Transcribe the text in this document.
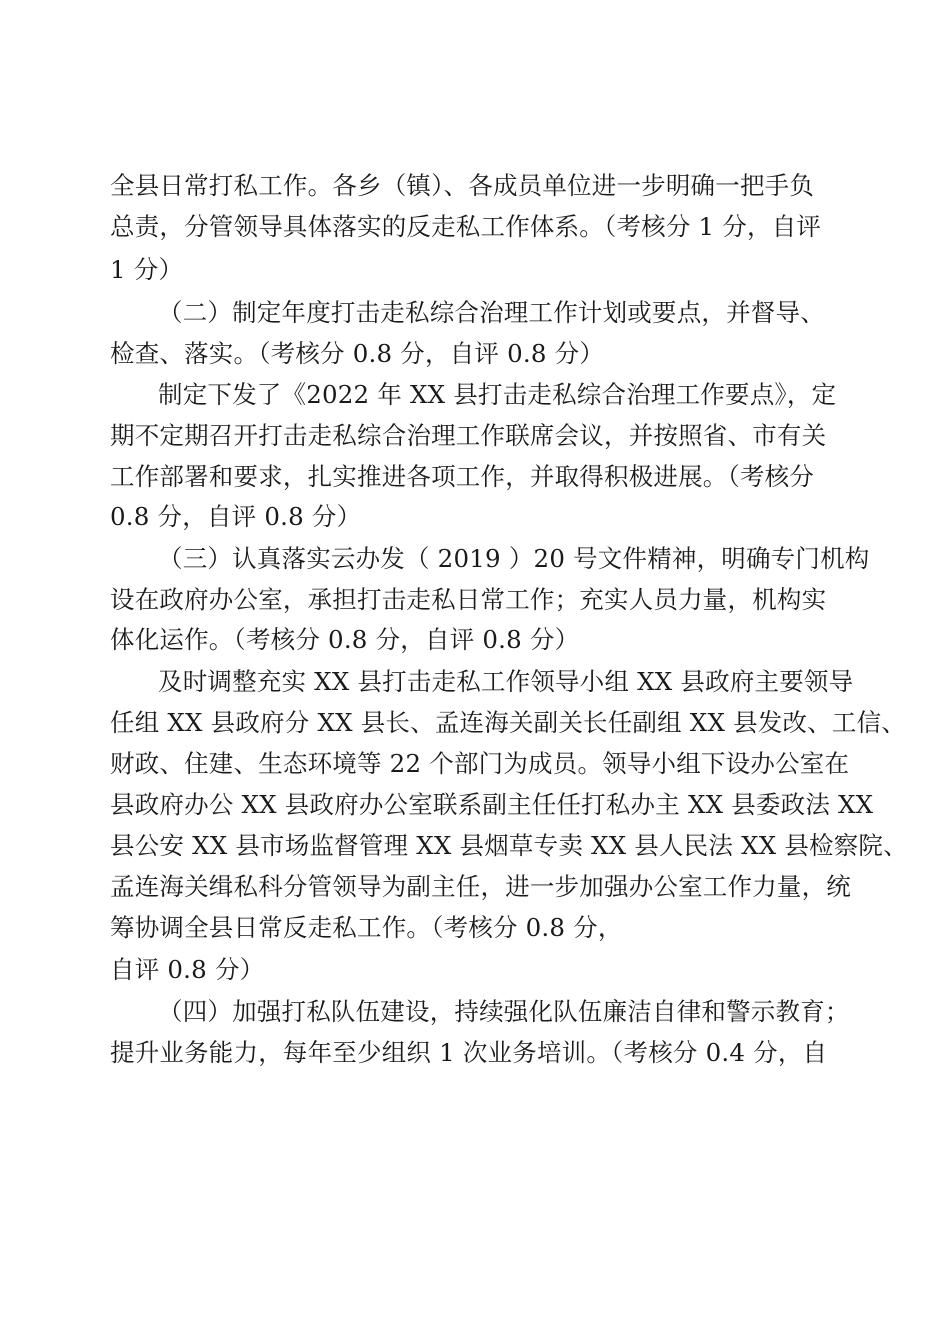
全县日常打私工作。各乡（镇）、各成员单位进一步明确一把手负
总责，分管领导具体落实的反走私工作体系。（考核分 1 分，自评
1 分）
（二）制定年度打击走私综合治理工作计划或要点，并督导、
检查、落实。（考核分 0.8 分，自评 0.8 分）
制定下发了《2022 年 XX 县打击走私综合治理工作要点》，定
期不定期召开打击走私综合治理工作联席会议，并按照省、市有关
工作部署和要求，扎实推进各项工作，并取得积极进展。（考核分
0.8 分，自评 0.8 分）
（三）认真落实云办发（ 2019 ）20 号文件精神，明确专门机构
设在政府办公室，承担打击走私日常工作；充实人员力量，机构实
体化运作。（考核分 0.8 分，自评 0.8 分）
及时调整充实 XX 县打击走私工作领导小组 XX 县政府主要领导
任组 XX 县政府分 XX 县长、孟连海关副关长任副组 XX 县发改、工信、
财政、住建、生态环境等 22 个部门为成员。领导小组下设办公室在
县政府办公 XX 县政府办公室联系副主任任打私办主 XX 县委政法 XX
县公安 XX 县市场监督管理 XX 县烟草专卖 XX 县人民法 XX 县检察院、
孟连海关缉私科分管领导为副主任，进一步加强办公室工作力量，统
筹协调全县日常反走私工作。（考核分 0.8 分，
自评 0.8 分）
（四）加强打私队伍建设，持续强化队伍廉洁自律和警示教育；
提升业务能力，每年至少组织 1 次业务培训。（考核分 0.4 分，自
